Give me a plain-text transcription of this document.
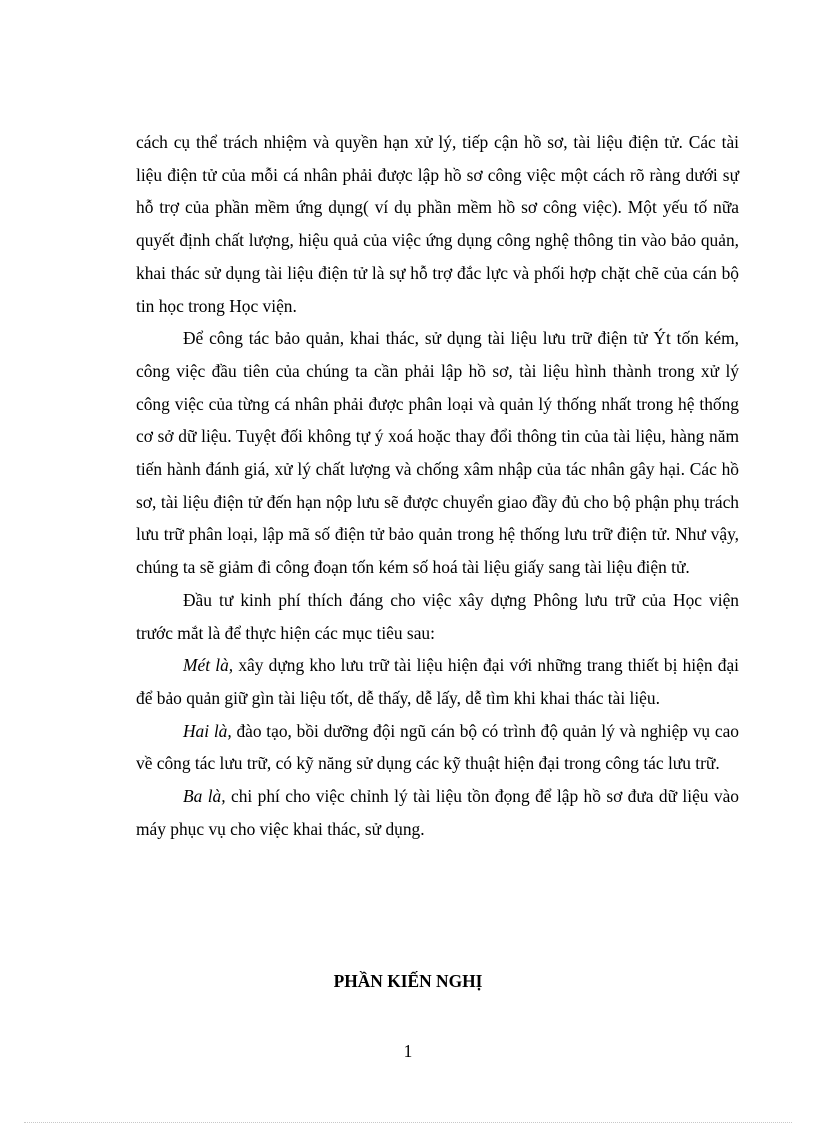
cách cụ thể trách nhiệm và quyền hạn xử lý, tiếp cận hồ sơ, tài liệu điện tử. Các tài liệu điện tử của mỗi cá nhân phải được lập hồ sơ công việc một cách rõ ràng dưới sự hỗ trợ của phần mềm ứng dụng( ví dụ phần mềm hồ sơ công việc). Một yếu tố nữa quyết định chất lượng, hiệu quả của việc ứng dụng công nghệ thông tin vào bảo quản, khai thác sử dụng tài liệu điện tử là sự hỗ trợ đắc lực và phối hợp chặt chẽ của cán bộ tin học trong Học viện.

Để công tác bảo quản, khai thác, sử dụng tài liệu lưu trữ điện tử Ýt tốn kém, công việc đầu tiên của chúng ta cần phải lập hồ sơ, tài liệu hình thành trong xử lý công việc của từng cá nhân phải được phân loại và quản lý thống nhất trong hệ thống cơ sở dữ liệu. Tuyệt đối không tự ý xoá hoặc thay đổi thông tin của tài liệu, hàng năm tiến hành đánh giá, xử lý chất lượng và chống xâm nhập của tác nhân gây hại. Các hồ sơ, tài liệu điện tử đến hạn nộp lưu sẽ được chuyển giao đầy đủ cho bộ phận phụ trách lưu trữ phân loại, lập mã số điện tử bảo quản trong hệ thống lưu trữ điện tử. Như vậy, chúng ta sẽ giảm đi công đoạn tốn kém số hoá tài liệu giấy sang tài liệu điện tử.

Đầu tư kinh phí thích đáng cho việc xây dựng Phông lưu trữ của Học viện trước mắt là để thực hiện các mục tiêu sau:

Mét là, xây dựng kho lưu trữ tài liệu hiện đại với những trang thiết bị hiện đại để bảo quản giữ gìn tài liệu tốt, dễ thấy, dễ lấy, dễ tìm khi khai thác tài liệu.

Hai là, đào tạo, bồi dưỡng đội ngũ cán bộ có trình độ quản lý và nghiệp vụ cao về công tác lưu trữ, có kỹ năng sử dụng các kỹ thuật hiện đại trong công tác lưu trữ.

Ba là, chi phí cho việc chỉnh lý tài liệu tồn đọng để lập hồ sơ đưa dữ liệu vào máy phục vụ cho việc khai thác, sử dụng.

PHẦN KIẾN NGHỊ
1
